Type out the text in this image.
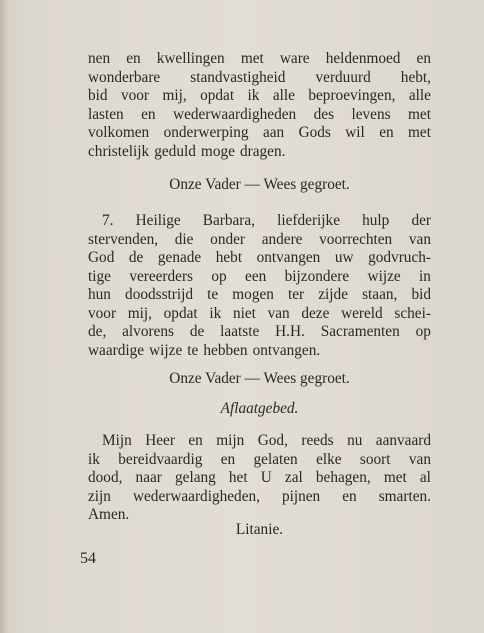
nen en kwellingen met ware heldenmoed en
wonderbare standvastigheid verduurd hebt,
bid voor mij, opdat ik alle beproevingen, alle
lasten en wederwaardigheden des levens met
volkomen onderwerping aan Gods wil en met
christelijk geduld moge dragen.
Onze Vader — Wees gegroet.
7. Heilige Barbara, liefderijke hulp der
stervenden, die onder andere voorrechten van
God de genade hebt ontvangen uw godvruch-
tige vereerders op een bijzondere wijze in
hun doodsstrijd te mogen ter zijde staan, bid
voor mij, opdat ik niet van deze wereld schei-
de, alvorens de laatste H.H. Sacramenten op
waardige wijze te hebben ontvangen.
Onze Vader — Wees gegroet.
Aflaatgebed.
Mijn Heer en mijn God, reeds nu aanvaard
ik bereidvaardig en gelaten elke soort van
dood, naar gelang het U zal behagen, met al
zijn wederwaardigheden, pijnen en smarten.
Amen.
Litanie.
54
